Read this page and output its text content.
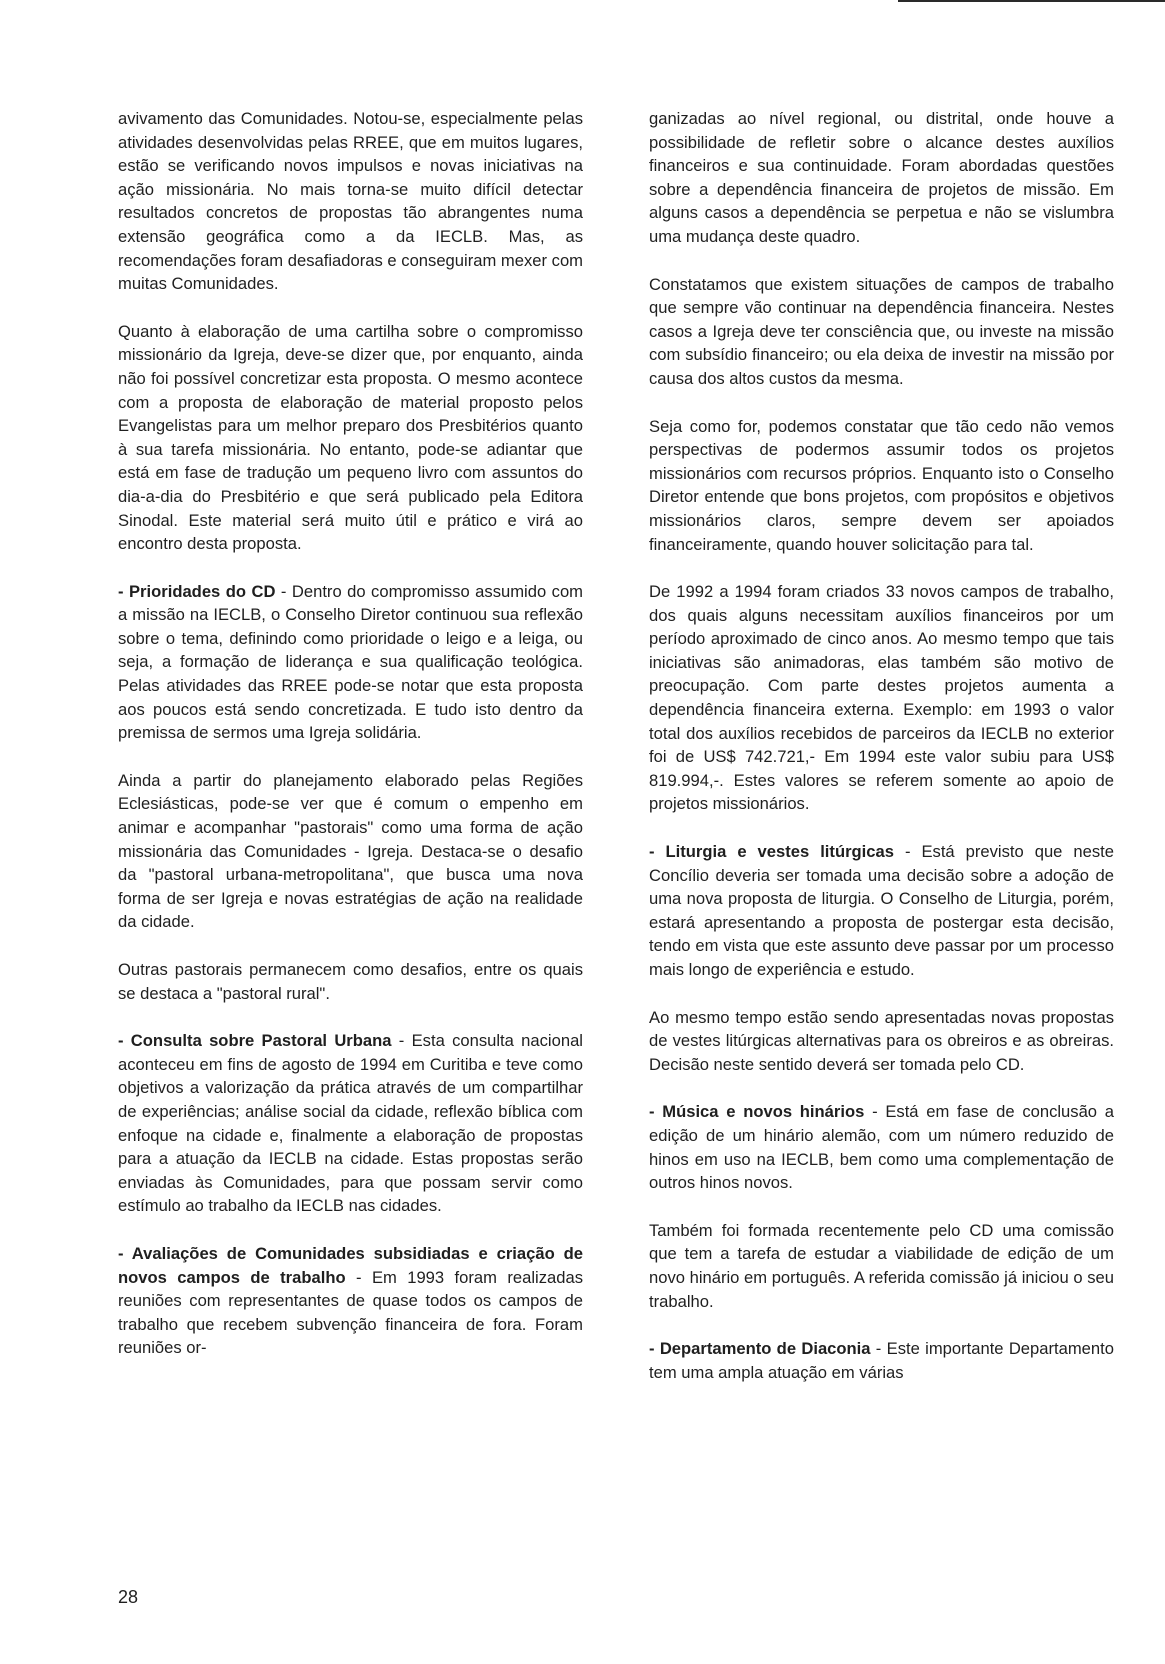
avivamento das Comunidades. Notou-se, especialmente pelas atividades desenvolvidas pelas RREE, que em muitos lugares, estão se verificando novos impulsos e novas iniciativas na ação missionária. No mais torna-se muito difícil detectar resultados concretos de propostas tão abrangentes numa extensão geográfica como a da IECLB. Mas, as recomendações foram desafiadoras e conseguiram mexer com muitas Comunidades.

Quanto à elaboração de uma cartilha sobre o compromisso missionário da Igreja, deve-se dizer que, por enquanto, ainda não foi possível concretizar esta proposta. O mesmo acontece com a proposta de elaboração de material proposto pelos Evangelistas para um melhor preparo dos Presbitérios quanto à sua tarefa missionária. No entanto, pode-se adiantar que está em fase de tradução um pequeno livro com assuntos do dia-a-dia do Presbitério e que será publicado pela Editora Sinodal. Este material será muito útil e prático e virá ao encontro desta proposta.

- Prioridades do CD - Dentro do compromisso assumido com a missão na IECLB, o Conselho Diretor continuou sua reflexão sobre o tema, definindo como prioridade o leigo e a leiga, ou seja, a formação de liderança e sua qualificação teológica. Pelas atividades das RREE pode-se notar que esta proposta aos poucos está sendo concretizada. E tudo isto dentro da premissa de sermos uma Igreja solidária.

Ainda a partir do planejamento elaborado pelas Regiões Eclesiásticas, pode-se ver que é comum o empenho em animar e acompanhar "pastorais" como uma forma de ação missionária das Comunidades - Igreja. Destaca-se o desafio da "pastoral urbana-metropolitana", que busca uma nova forma de ser Igreja e novas estratégias de ação na realidade da cidade.

Outras pastorais permanecem como desafios, entre os quais se destaca a "pastoral rural".

- Consulta sobre Pastoral Urbana - Esta consulta nacional aconteceu em fins de agosto de 1994 em Curitiba e teve como objetivos a valorização da prática através de um compartilhar de experiências; análise social da cidade, reflexão bíblica com enfoque na cidade e, finalmente a elaboração de propostas para a atuação da IECLB na cidade. Estas propostas serão enviadas às Comunidades, para que possam servir como estímulo ao trabalho da IECLB nas cidades.

- Avaliações de Comunidades subsidiadas e criação de novos campos de trabalho - Em 1993 foram realizadas reuniões com representantes de quase todos os campos de trabalho que recebem subvenção financeira de fora. Foram reuniões or-

ganizadas ao nível regional, ou distrital, onde houve a possibilidade de refletir sobre o alcance destes auxílios financeiros e sua continuidade. Foram abordadas questões sobre a dependência financeira de projetos de missão. Em alguns casos a dependência se perpetua e não se vislumbra uma mudança deste quadro.

Constatamos que existem situações de campos de trabalho que sempre vão continuar na dependência financeira. Nestes casos a Igreja deve ter consciência que, ou investe na missão com subsídio financeiro; ou ela deixa de investir na missão por causa dos altos custos da mesma.

Seja como for, podemos constatar que tão cedo não vemos perspectivas de podermos assumir todos os projetos missionários com recursos próprios. Enquanto isto o Conselho Diretor entende que bons projetos, com propósitos e objetivos missionários claros, sempre devem ser apoiados financeiramente, quando houver solicitação para tal.

De 1992 a 1994 foram criados 33 novos campos de trabalho, dos quais alguns necessitam auxílios financeiros por um período aproximado de cinco anos. Ao mesmo tempo que tais iniciativas são animadoras, elas também são motivo de preocupação. Com parte destes projetos aumenta a dependência financeira externa. Exemplo: em 1993 o valor total dos auxílios recebidos de parceiros da IECLB no exterior foi de US$ 742.721,- Em 1994 este valor subiu para US$ 819.994,-. Estes valores se referem somente ao apoio de projetos missionários.

- Liturgia e vestes litúrgicas - Está previsto que neste Concílio deveria ser tomada uma decisão sobre a adoção de uma nova proposta de liturgia. O Conselho de Liturgia, porém, estará apresentando a proposta de postergar esta decisão, tendo em vista que este assunto deve passar por um processo mais longo de experiência e estudo.

Ao mesmo tempo estão sendo apresentadas novas propostas de vestes litúrgicas alternativas para os obreiros e as obreiras. Decisão neste sentido deverá ser tomada pelo CD.

- Música e novos hinários - Está em fase de conclusão a edição de um hinário alemão, com um número reduzido de hinos em uso na IECLB, bem como uma complementação de outros hinos novos.

Também foi formada recentemente pelo CD uma comissão que tem a tarefa de estudar a viabilidade de edição de um novo hinário em português. A referida comissão já iniciou o seu trabalho.

- Departamento de Diaconia - Este importante Departamento tem uma ampla atuação em várias

28
